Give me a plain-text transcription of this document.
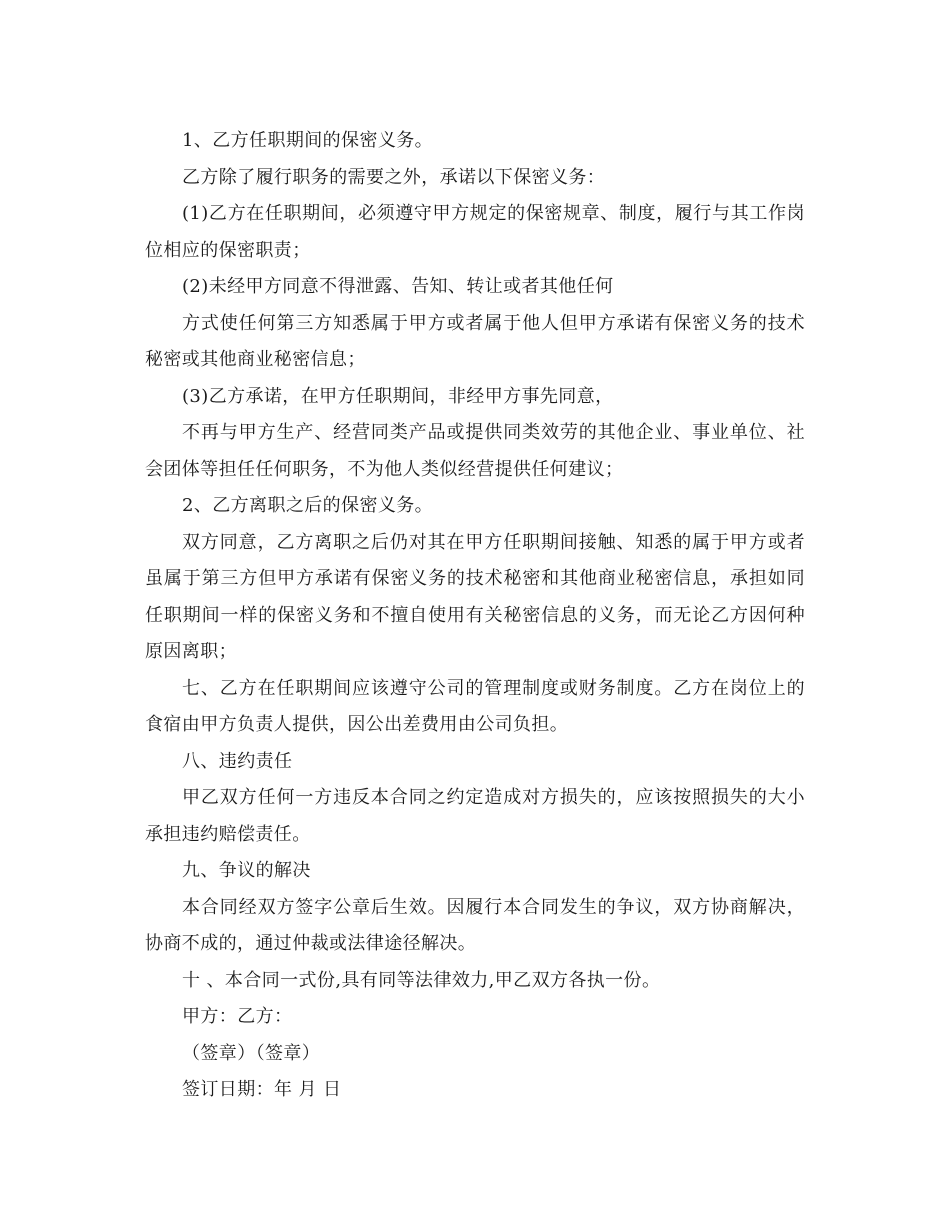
1、乙方任职期间的保密义务。

乙方除了履行职务的需要之外，承诺以下保密义务：

(1)乙方在任职期间，必须遵守甲方规定的保密规章、制度，履行与其工作岗位相应的保密职责；

(2)未经甲方同意不得泄露、告知、转让或者其他任何

方式使任何第三方知悉属于甲方或者属于他人但甲方承诺有保密义务的技术秘密或其他商业秘密信息；

(3)乙方承诺，在甲方任职期间，非经甲方事先同意，

不再与甲方生产、经营同类产品或提供同类效劳的其他企业、事业单位、社会团体等担任任何职务，不为他人类似经营提供任何建议；

2、乙方离职之后的保密义务。

双方同意，乙方离职之后仍对其在甲方任职期间接触、知悉的属于甲方或者虽属于第三方但甲方承诺有保密义务的技术秘密和其他商业秘密信息，承担如同任职期间一样的保密义务和不擅自使用有关秘密信息的义务，而无论乙方因何种原因离职；

七、乙方在任职期间应该遵守公司的管理制度或财务制度。乙方在岗位上的食宿由甲方负责人提供，因公出差费用由公司负担。

八、违约责任

甲乙双方任何一方违反本合同之约定造成对方损失的，应该按照损失的大小承担违约赔偿责任。

九、争议的解决

本合同经双方签字公章后生效。因履行本合同发生的争议，双方协商解决，协商不成的，通过仲裁或法律途径解决。

十 、本合同一式份,具有同等法律效力,甲乙双方各执一份。

甲方：乙方：

（签章）（签章）

签订日期：年 月 日
